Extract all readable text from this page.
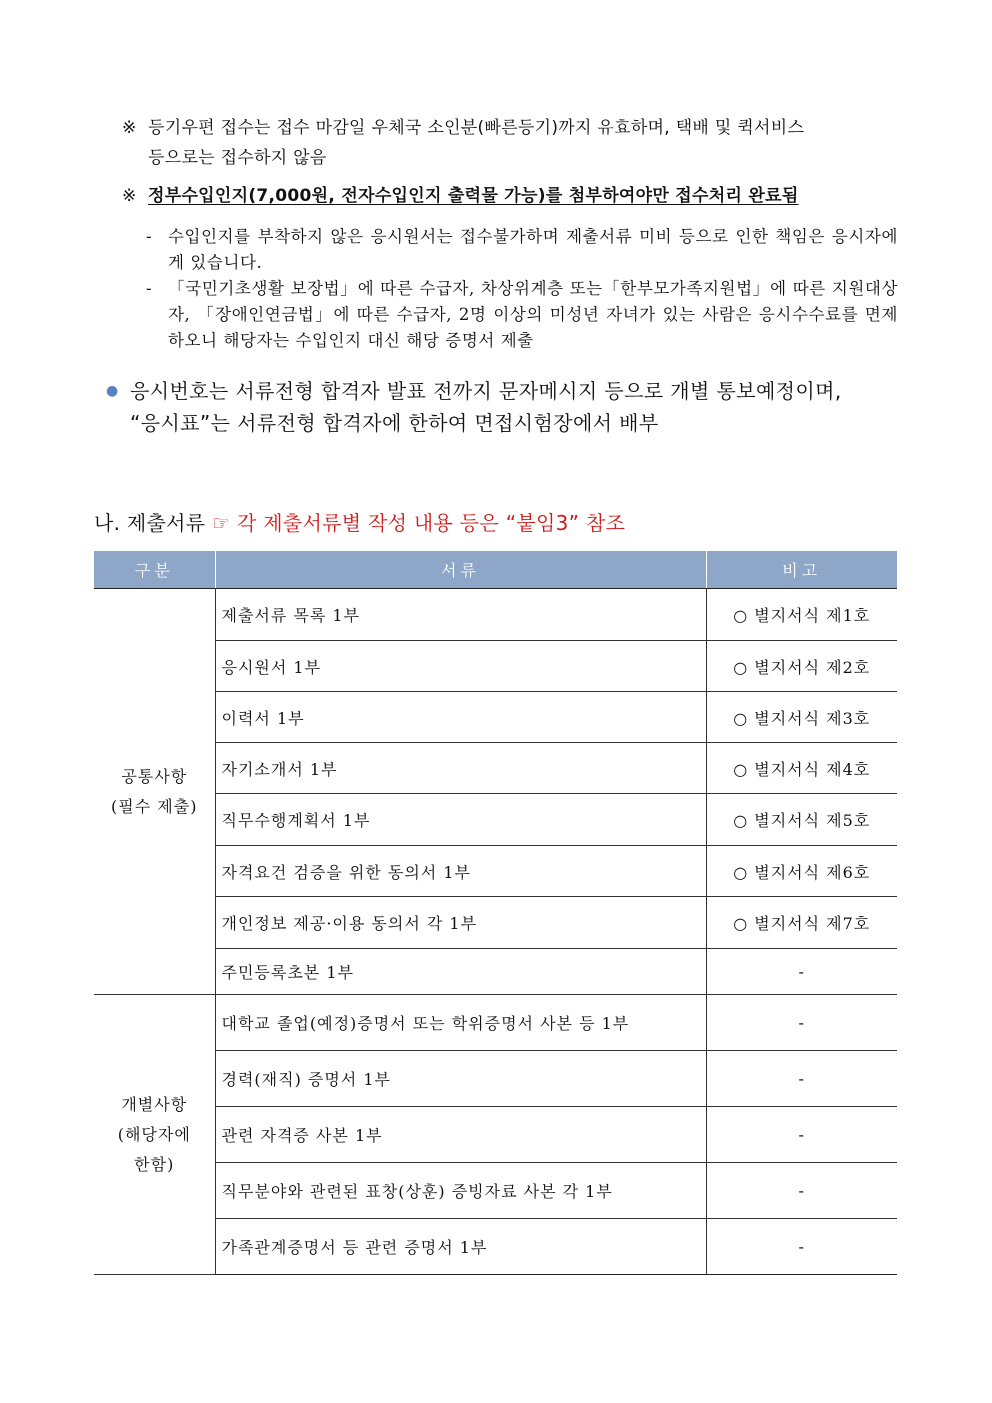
※ 등기우편 접수는 접수 마감일 우체국 소인분(빠른등기)까지 유효하며, 택배 및 퀵서비스
등으로는 접수하지 않음
※ 정부수입인지(7,000원, 전자수입인지 출력물 가능)를 첨부하여야만 접수처리 완료됨
- 수입인지를 부착하지 않은 응시원서는 접수불가하며 제출서류 미비 등으로 인한 책임은 응시자에게 있습니다.
- 「국민기초생활 보장법」에 따른 수급자, 차상위계층 또는「한부모가족지원법」에 따른 지원대상자, 「장애인연금법」에 따른 수급자, 2명 이상의 미성년 자녀가 있는 사람은 응시수수료를 면제하오니 해당자는 수입인지 대신 해당 증명서 제출
● 응시번호는 서류전형 합격자 발표 전까지 문자메시지 등으로 개별 통보예정이며,
“응시표”는 서류전형 합격자에 한하여 면접시험장에서 배부
나. 제출서류 ☞ 각 제출서류별 작성 내용 등은 “붙임3” 참조
구분	서류	비고

공통사항
(필수 제출)	제출서류 목록 1부	○ 별지서식 제1호
	응시원서 1부	○ 별지서식 제2호
	이력서 1부	○ 별지서식 제3호
	자기소개서 1부	○ 별지서식 제4호
	직무수행계획서 1부	○ 별지서식 제5호
	자격요건 검증을 위한 동의서 1부	○ 별지서식 제6호
	개인정보 제공·이용 동의서 각 1부	○ 별지서식 제7호
	주민등록초본 1부	-

개별사항
(해당자에
한함)	대학교 졸업(예정)증명서 또는 학위증명서 사본 등 1부	-
	경력(재직) 증명서 1부	-
	관련 자격증 사본 1부	-
	직무분야와 관련된 표창(상훈) 증빙자료 사본 각 1부	-
	가족관계증명서 등 관련 증명서 1부	-
